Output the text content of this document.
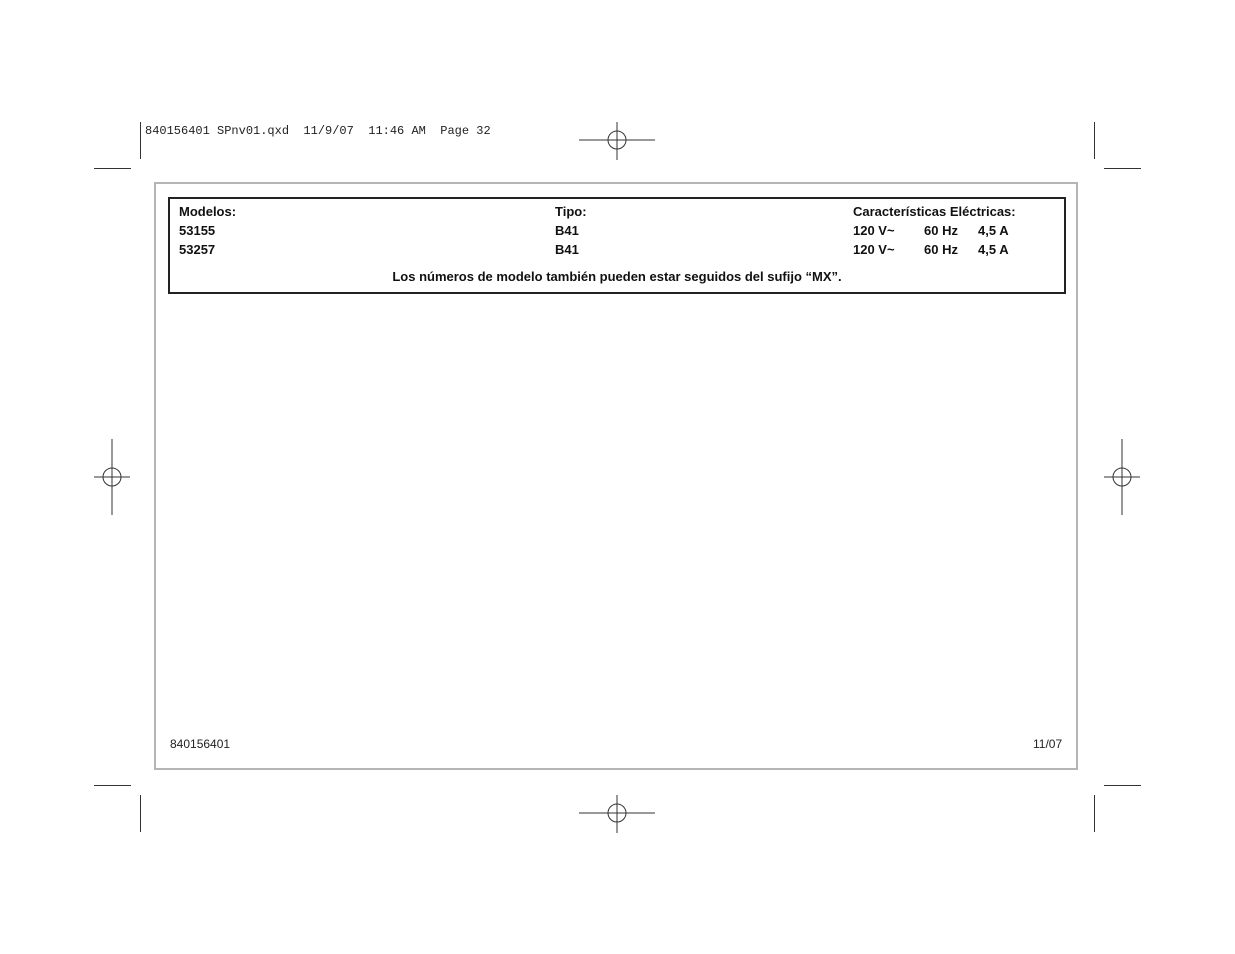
840156401 SPnv01.qxd  11/9/07  11:46 AM  Page 32
Modelos:	Tipo:	Características Eléctricas:
53155	B41	120 V~ 60 Hz 4,5 A
53257	B41	120 V~ 60 Hz 4,5 A
Los números de modelo también pueden estar seguidos del sufijo “MX”.
840156401	11/07
